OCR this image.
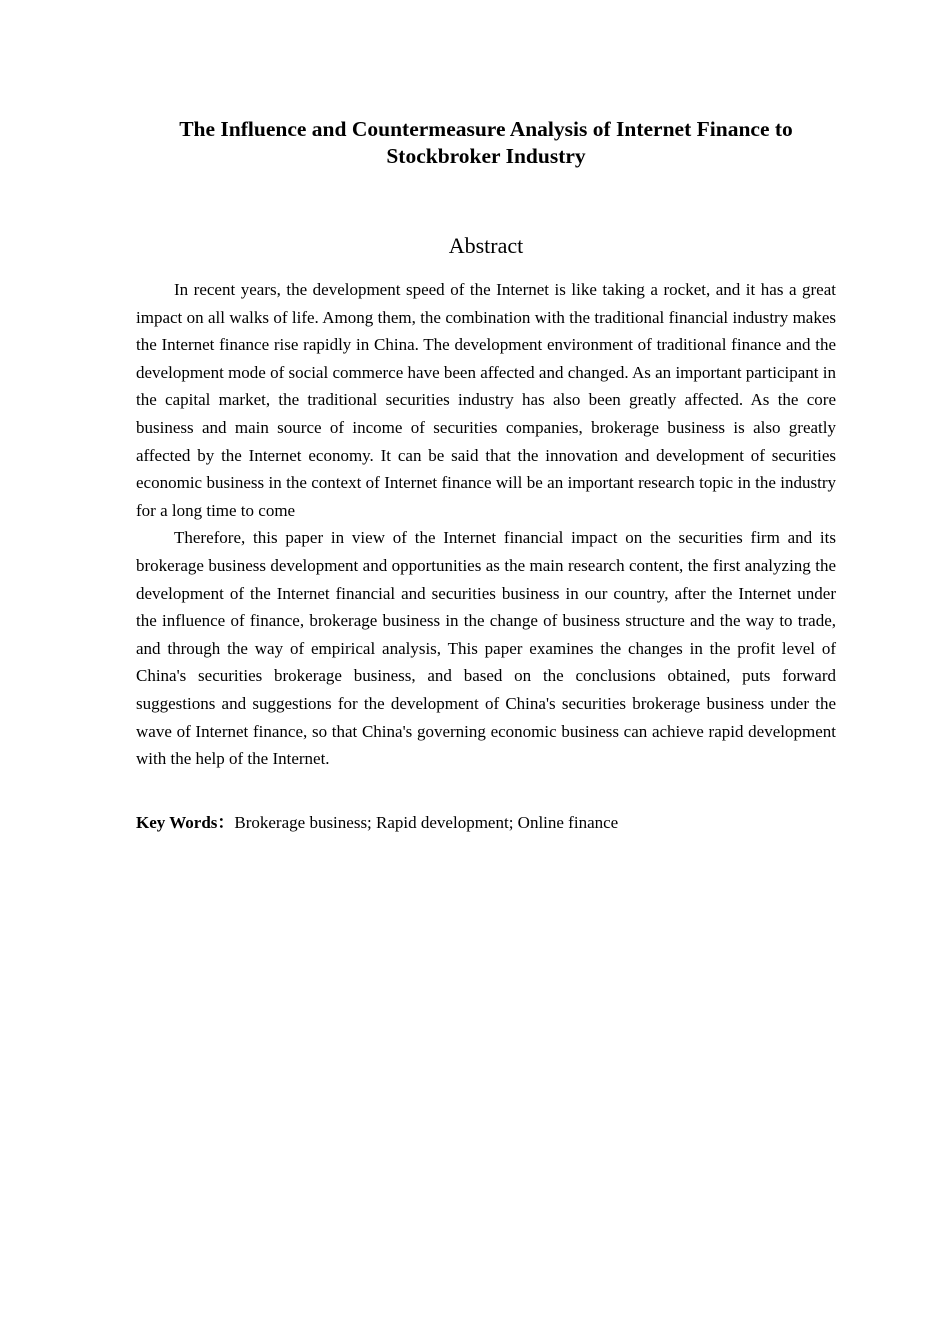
The Influence and Countermeasure Analysis of Internet Finance to
Stockbroker Industry
Abstract

In recent years, the development speed of the Internet is like taking a rocket, and it has a great impact on all walks of life. Among them, the combination with the traditional financial industry makes the Internet finance rise rapidly in China. The development environment of traditional finance and the development mode of social commerce have been affected and changed. As an important participant in the capital market, the traditional securities industry has also been greatly affected. As the core business and main source of income of securities companies, brokerage business is also greatly affected by the Internet economy. It can be said that the innovation and development of securities economic business in the context of Internet finance will be an important research topic in the industry for a long time to come

Therefore, this paper in view of the Internet financial impact on the securities firm and its brokerage business development and opportunities as the main research content, the first analyzing the development of the Internet financial and securities business in our country, after the Internet under the influence of finance, brokerage business in the change of business structure and the way to trade, and through the way of empirical analysis, This paper examines the changes in the profit level of China's securities brokerage business, and based on the conclusions obtained, puts forward suggestions and suggestions for the development of China's securities brokerage business under the wave of Internet finance, so that China's governing economic business can achieve rapid development with the help of the Internet.

Key Words：Brokerage business; Rapid development; Online finance
